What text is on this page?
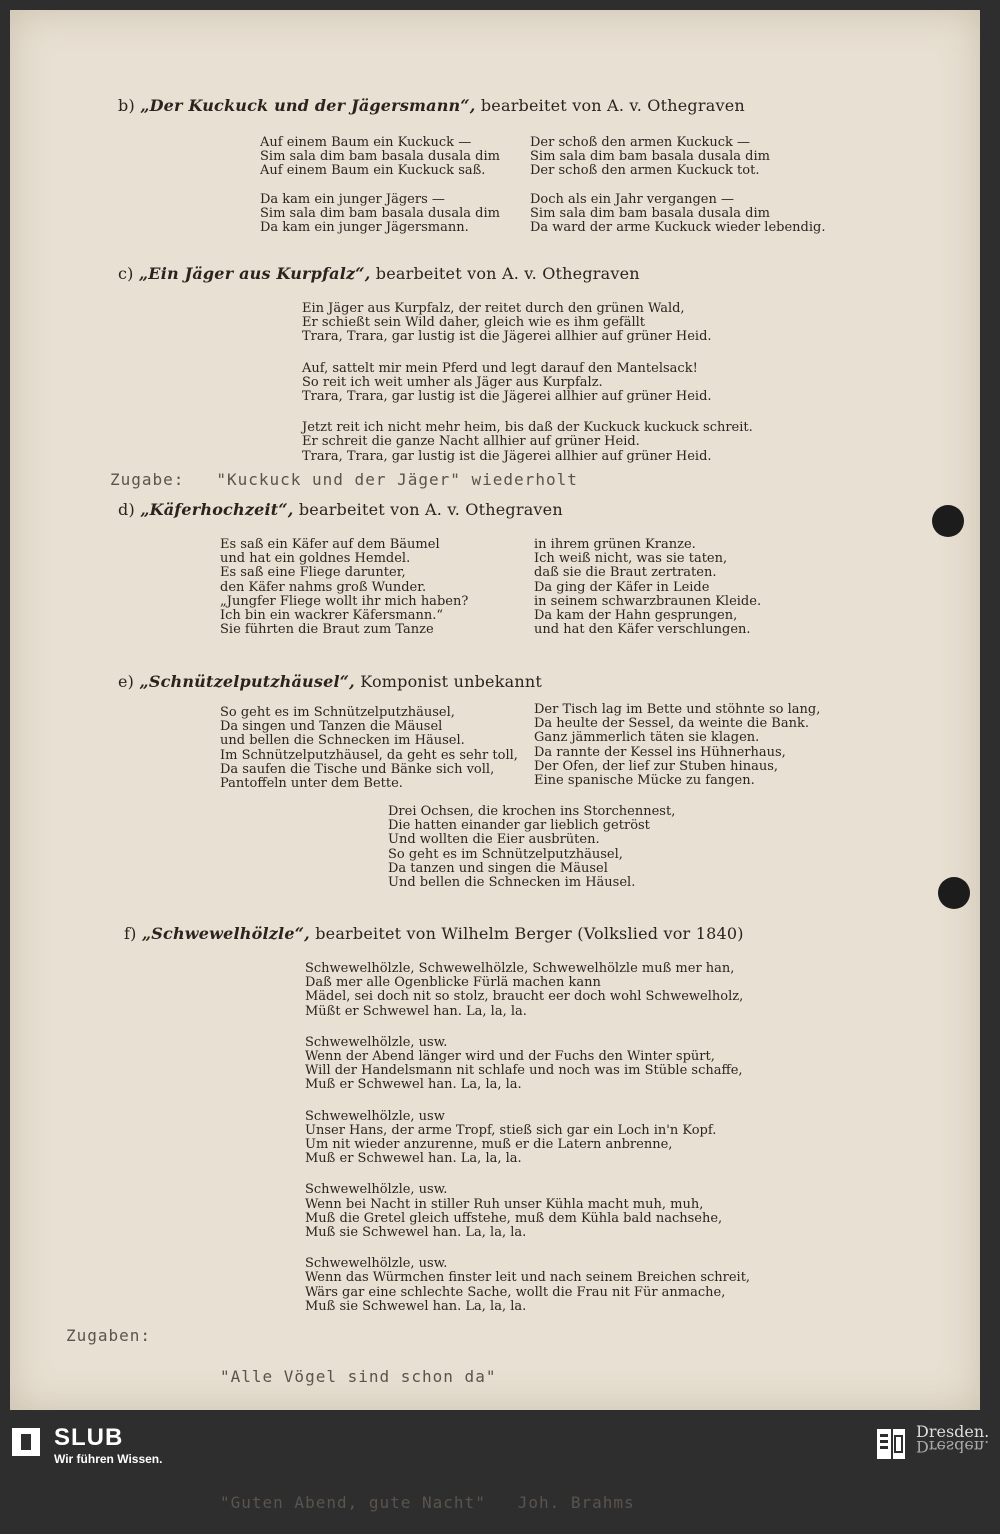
b) „Der Kuckuck und der Jägersmann“, bearbeitet von A. v. Othegraven
Auf einem Baum ein Kuckuck —
Sim sala dim bam basala dusala dim
Auf einem Baum ein Kuckuck saß.
Da kam ein junger Jägers —
Sim sala dim bam basala dusala dim
Da kam ein junger Jägersmann.
Der schoß den armen Kuckuck —
Sim sala dim bam basala dusala dim
Der schoß den armen Kuckuck tot.
Doch als ein Jahr vergangen —
Sim sala dim bam basala dusala dim
Da ward der arme Kuckuck wieder lebendig.
c) „Ein Jäger aus Kurpfalz“, bearbeitet von A. v. Othegraven
Ein Jäger aus Kurpfalz, der reitet durch den grünen Wald,
Er schießt sein Wild daher, gleich wie es ihm gefällt
Trara, Trara, gar lustig ist die Jägerei allhier auf grüner Heid.
Auf, sattelt mir mein Pferd und legt darauf den Mantelsack!
So reit ich weit umher als Jäger aus Kurpfalz.
Trara, Trara, gar lustig ist die Jägerei allhier auf grüner Heid.
Jetzt reit ich nicht mehr heim, bis daß der Kuckuck kuckuck schreit.
Er schreit die ganze Nacht allhier auf grüner Heid.
Trara, Trara, gar lustig ist die Jägerei allhier auf grüner Heid.
Zugabe:   "Kuckuck und der Jäger" wiederholt
d) „Käferhochzeit“, bearbeitet von A. v. Othegraven
Es saß ein Käfer auf dem Bäumel
und hat ein goldnes Hemdel.
Es saß eine Fliege darunter,
den Käfer nahms groß Wunder.
„Jungfer Fliege wollt ihr mich haben?
Ich bin ein wackrer Käfersmann.“
Sie führten die Braut zum Tanze
in ihrem grünen Kranze.
Ich weiß nicht, was sie taten,
daß sie die Braut zertraten.
Da ging der Käfer in Leide
in seinem schwarzbraunen Kleide.
Da kam der Hahn gesprungen,
und hat den Käfer verschlungen.
e) „Schnützelputzhäusel“, Komponist unbekannt
So geht es im Schnützelputzhäusel,
Da singen und Tanzen die Mäusel
und bellen die Schnecken im Häusel.
Im Schnützelputzhäusel, da geht es sehr toll,
Da saufen die Tische und Bänke sich voll,
Pantoffeln unter dem Bette.
Der Tisch lag im Bette und stöhnte so lang,
Da heulte der Sessel, da weinte die Bank.
Ganz jämmerlich täten sie klagen.
Da rannte der Kessel ins Hühnerhaus,
Der Ofen, der lief zur Stuben hinaus,
Eine spanische Mücke zu fangen.
Drei Ochsen, die krochen ins Storchennest,
Die hatten einander gar lieblich getröst
Und wollten die Eier ausbrüten.
So geht es im Schnützelputzhäusel,
Da tanzen und singen die Mäusel
Und bellen die Schnecken im Häusel.
f) „Schwewelhölzle“, bearbeitet von Wilhelm Berger (Volkslied vor 1840)
Schwewelhölzle, Schwewelhölzle, Schwewelhölzle muß mer han,
Daß mer alle Ogenblicke Fürlä machen kann
Mädel, sei doch nit so stolz, braucht eer doch wohl Schwewelholz,
Müßt er Schwewel han. La, la, la.
Schwewelhölzle, usw.
Wenn der Abend länger wird und der Fuchs den Winter spürt,
Will der Handelsmann nit schlafe und noch was im Stüble schaffe,
Muß er Schwewel han. La, la, la.
Schwewelhölzle, usw
Unser Hans, der arme Tropf, stieß sich gar ein Loch in'n Kopf.
Um nit wieder anzurenne, muß er die Latern anbrenne,
Muß er Schwewel han. La, la, la.
Schwewelhölzle, usw.
Wenn bei Nacht in stiller Ruh unser Kühla macht muh, muh,
Muß die Gretel gleich uffstehe, muß dem Kühla bald nachsehe,
Muß sie Schwewel han. La, la, la.
Schwewelhölzle, usw.
Wenn das Würmchen finster leit und nach seinem Breichen schreit,
Wärs gar eine schlechte Sache, wollt die Frau nit Für anmache,
Muß sie Schwewel han. La, la, la.
Zugaben:

"Alle Vögel sind schon da"

"Guten Abend, gute Nacht"   Joh. Brahms

SLUB
Wir führen Wissen.
Dresden.
Dresden.
